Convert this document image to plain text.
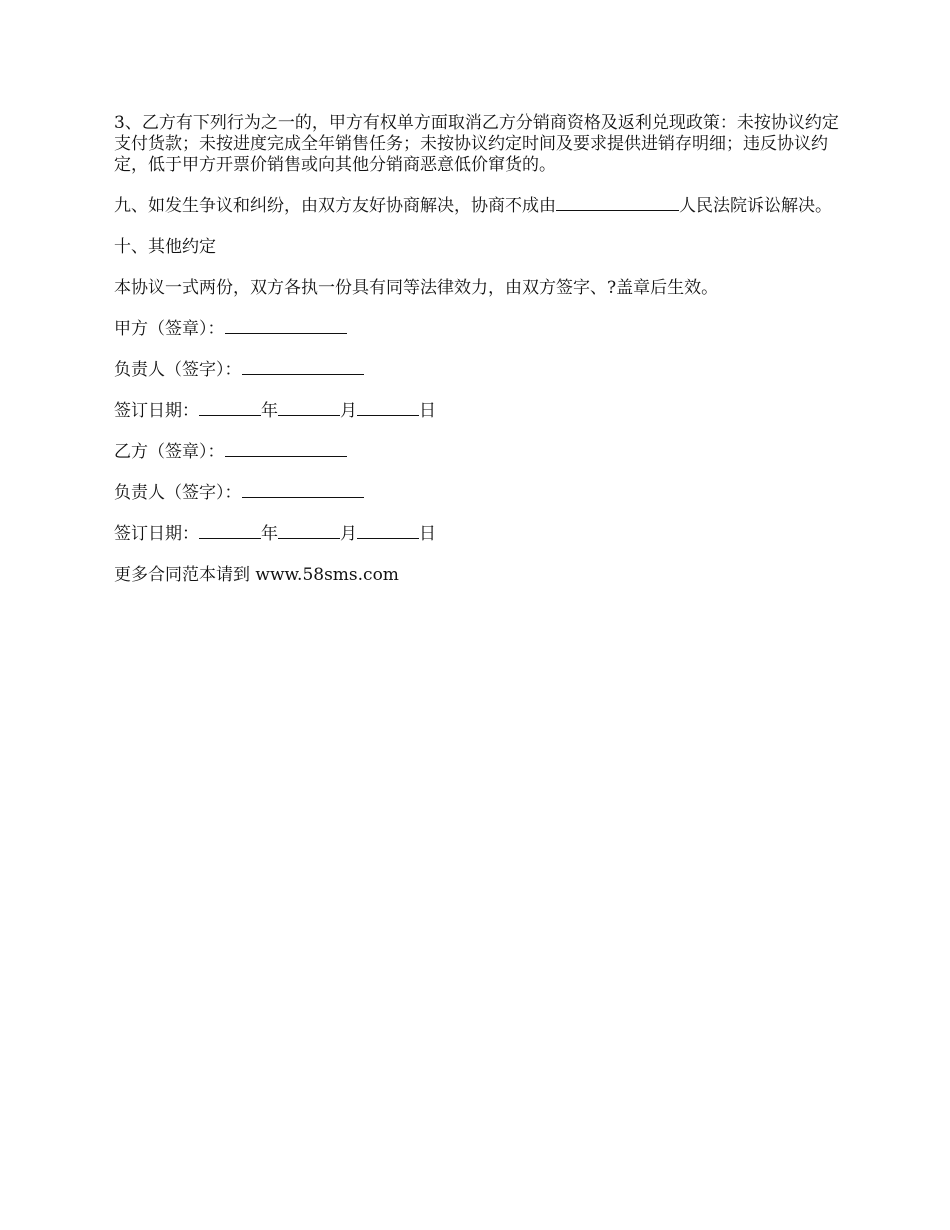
3、乙方有下列行为之一的，甲方有权单方面取消乙方分销商资格及返利兑现政策：未按协议约定支付货款；未按进度完成全年销售任务；未按协议约定时间及要求提供进销存明细；违反协议约定，低于甲方开票价销售或向其他分销商恶意低价窜货的。

九、如发生争议和纠纷，由双方友好协商解决，协商不成由	人民法院诉讼解决。

十、其他约定

本协议一式两份，双方各执一份具有同等法律效力，由双方签字、?盖章后生效。

甲方（签章）：

负责人（签字）：

签订日期：	年	月	日

乙方（签章）：

负责人（签字）：

签订日期：	年	月	日

更多合同范本请到 www.58sms.com
